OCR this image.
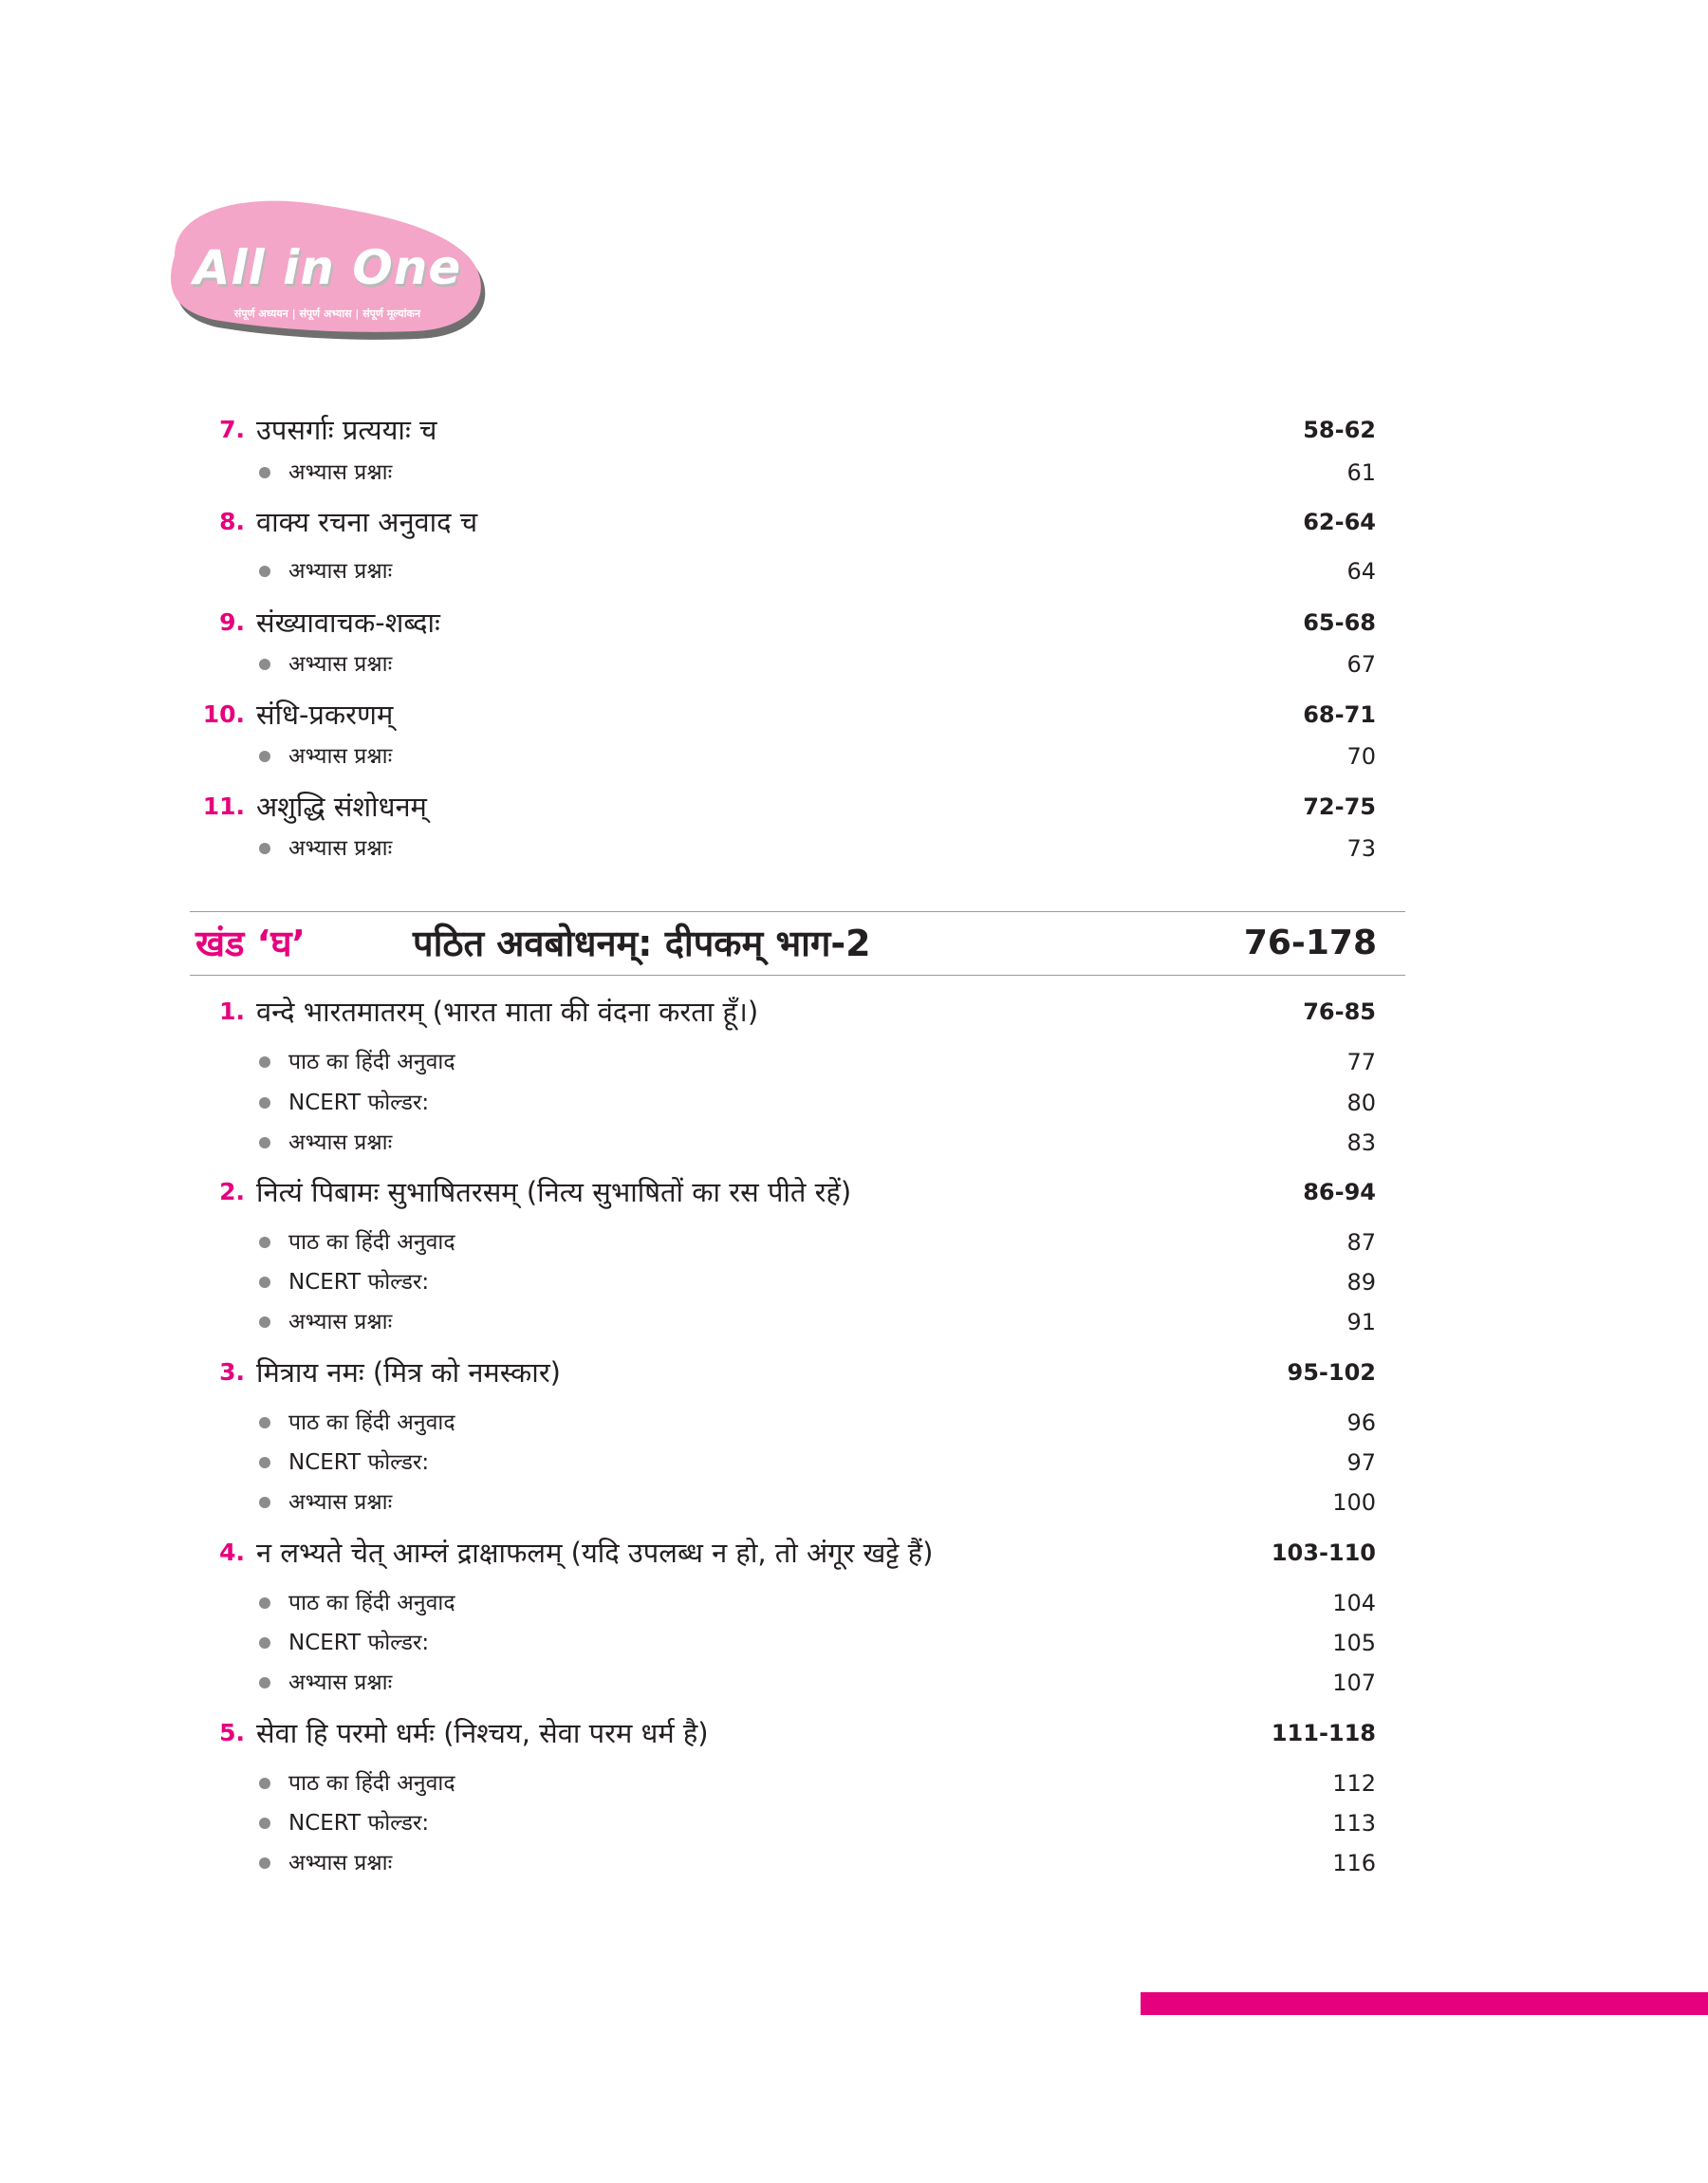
All in One
संपूर्ण अध्ययन | संपूर्ण अभ्यास | संपूर्ण मूल्यांकन
7. उपसर्गाः प्रत्ययाः च	58-62
अभ्यास प्रश्नाः	61
8. वाक्य रचना अनुवाद च	62-64
अभ्यास प्रश्नाः	64
9. संख्यावाचक-शब्दाः	65-68
अभ्यास प्रश्नाः	67
10. संधि-प्रकरणम्	68-71
अभ्यास प्रश्नाः	70
11. अशुद्धि संशोधनम्	72-75
अभ्यास प्रश्नाः	73
खंड ‘घ’	पठित अवबोधनम्: दीपकम् भाग-2	76-178
1. वन्दे भारतमातरम् (भारत माता की वंदना करता हूँ।)	76-85
पाठ का हिंदी अनुवाद	77
NCERT फोल्डर:	80
अभ्यास प्रश्नाः	83
2. नित्यं पिबामः सुभाषितरसम् (नित्य सुभाषितों का रस पीते रहें)	86-94
पाठ का हिंदी अनुवाद	87
NCERT फोल्डर:	89
अभ्यास प्रश्नाः	91
3. मित्राय नमः (मित्र को नमस्कार)	95-102
पाठ का हिंदी अनुवाद	96
NCERT फोल्डर:	97
अभ्यास प्रश्नाः	100
4. न लभ्यते चेत् आम्लं द्राक्षाफलम् (यदि उपलब्ध न हो, तो अंगूर खट्टे हैं)	103-110
पाठ का हिंदी अनुवाद	104
NCERT फोल्डर:	105
अभ्यास प्रश्नाः	107
5. सेवा हि परमो धर्मः (निश्चय, सेवा परम धर्म है)	111-118
पाठ का हिंदी अनुवाद	112
NCERT फोल्डर:	113
अभ्यास प्रश्नाः	116
